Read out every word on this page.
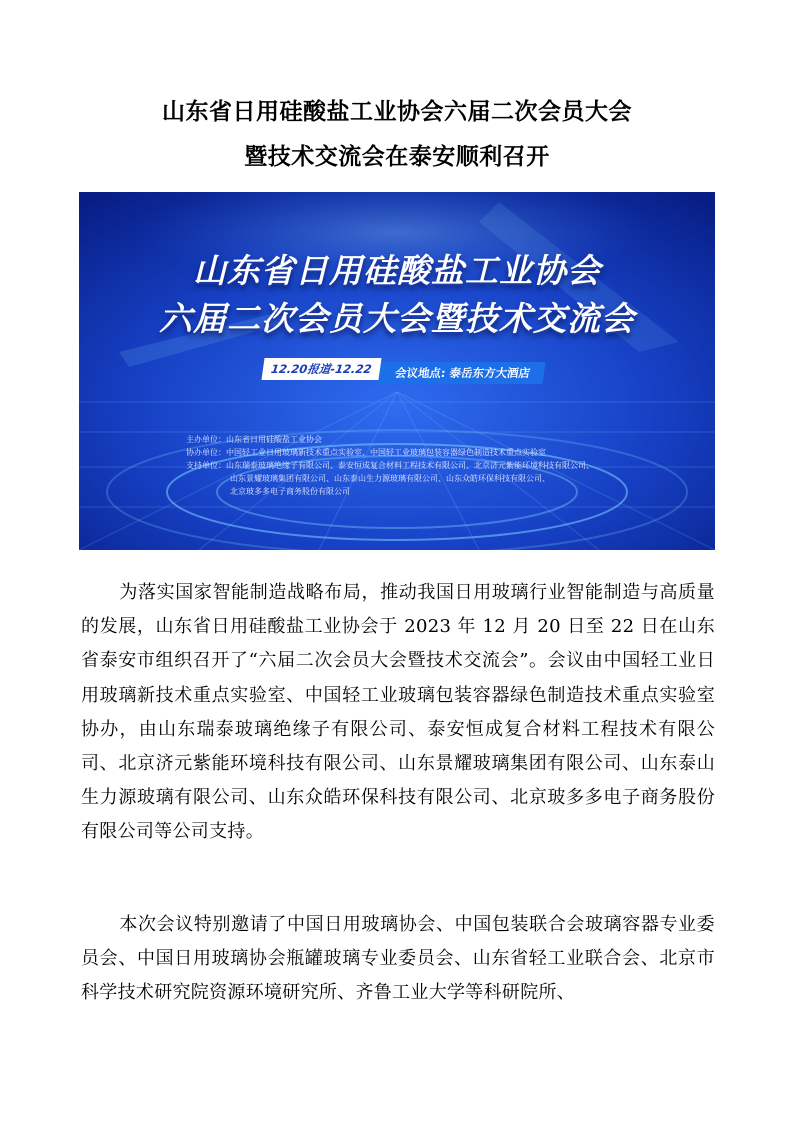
山东省日用硅酸盐工业协会六届二次会员大会
暨技术交流会在泰安顺利召开
山东省日用硅酸盐工业协会
六届二次会员大会暨技术交流会
会议地点: 泰岳东方大酒店
12.20报道-12.22
主办单位：山东省日用硅酸盐工业协会
协办单位：中国轻工业日用玻璃新技术重点实验室、中国轻工业玻璃包装容器绿色制造技术重点实验室
支持单位：山东瑞泰玻璃绝缘子有限公司、泰安恒成复合材料工程技术有限公司、北京济元紫能环境科技有限公司、
山东景耀玻璃集团有限公司、山东泰山生力源玻璃有限公司、山东众皓环保科技有限公司、
北京玻多多电子商务股份有限公司

为落实国家智能制造战略布局，推动我国日用玻璃行业智能制造与高质量的发展，山东省日用硅酸盐工业协会于 2023 年 12 月 20 日至 22 日在山东省泰安市组织召开了“六届二次会员大会暨技术交流会”。会议由中国轻工业日用玻璃新技术重点实验室、中国轻工业玻璃包装容器绿色制造技术重点实验室协办，由山东瑞泰玻璃绝缘子有限公司、泰安恒成复合材料工程技术有限公司、北京济元紫能环境科技有限公司、山东景耀玻璃集团有限公司、山东泰山生力源玻璃有限公司、山东众皓环保科技有限公司、北京玻多多电子商务股份有限公司等公司支持。

本次会议特别邀请了中国日用玻璃协会、中国包装联合会玻璃容器专业委员会、中国日用玻璃协会瓶罐玻璃专业委员会、山东省轻工业联合会、北京市科学技术研究院资源环境研究所、齐鲁工业大学等科研院所、
